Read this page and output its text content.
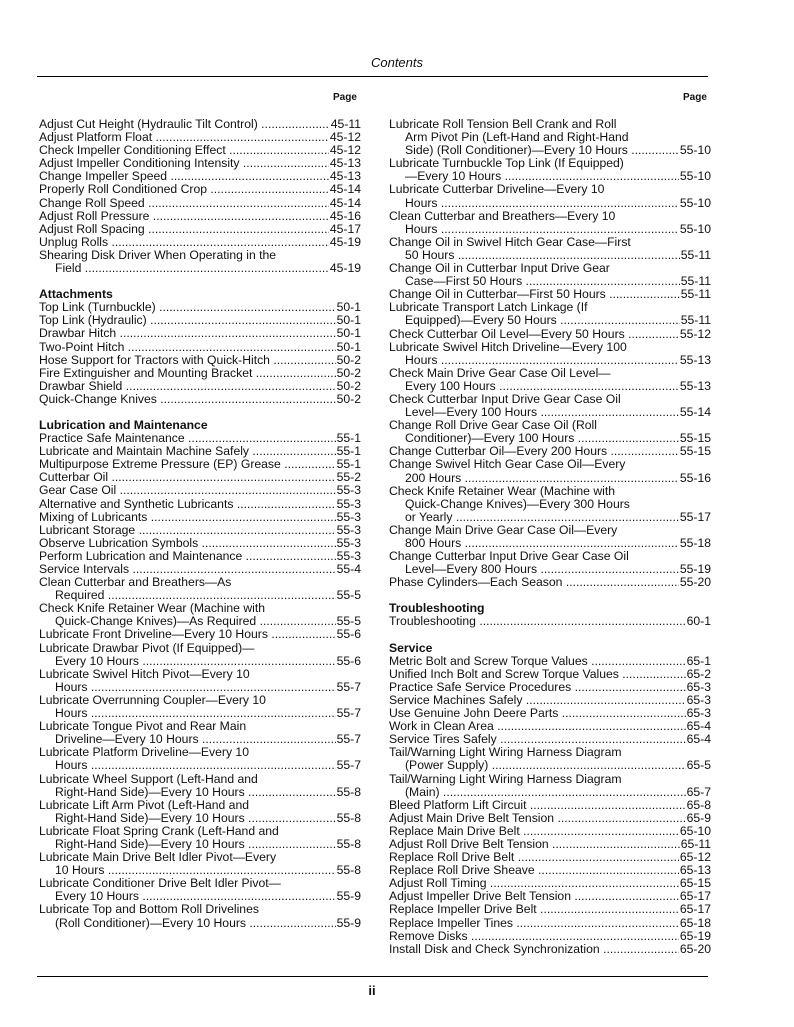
Contents
Page	Page
Adjust Cut Height (Hydraulic Tilt Control) .....	45-11
Adjust Platform Float .....	45-12
Check Impeller Conditioning Effect .....	45-12
Adjust Impeller Conditioning Intensity .....	45-13
Change Impeller Speed .....	45-13
Properly Roll Conditioned Crop .....	45-14
Change Roll Speed .....	45-14
Adjust Roll Pressure .....	45-16
Adjust Roll Spacing .....	45-17
Unplug Rolls .....	45-19
Shearing Disk Driver When Operating in the
Field .....	45-19
Attachments
Top Link (Turnbuckle) .....	50-1
Top Link (Hydraulic) .....	50-1
Drawbar Hitch .....	50-1
Two-Point Hitch .....	50-1
Hose Support for Tractors with Quick-Hitch .....	50-2
Fire Extinguisher and Mounting Bracket .....	50-2
Drawbar Shield .....	50-2
Quick-Change Knives .....	50-2
Lubrication and Maintenance
Practice Safe Maintenance .....	55-1
Lubricate and Maintain Machine Safely .....	55-1
Multipurpose Extreme Pressure (EP) Grease .....	55-1
Cutterbar Oil .....	55-2
Gear Case Oil .....	55-3
Alternative and Synthetic Lubricants .....	55-3
Mixing of Lubricants .....	55-3
Lubricant Storage .....	55-3
Observe Lubrication Symbols .....	55-3
Perform Lubrication and Maintenance .....	55-3
Service Intervals .....	55-4
Clean Cutterbar and Breathers—As
Required .....	55-5
Check Knife Retainer Wear (Machine with
Quick-Change Knives)—As Required .....	55-5
Lubricate Front Driveline—Every 10 Hours .....	55-6
Lubricate Drawbar Pivot (If Equipped)—
Every 10 Hours .....	55-6
Lubricate Swivel Hitch Pivot—Every 10
Hours .....	55-7
Lubricate Overrunning Coupler—Every 10
Hours .....	55-7
Lubricate Tongue Pivot and Rear Main
Driveline—Every 10 Hours .....	55-7
Lubricate Platform Driveline—Every 10
Hours .....	55-7
Lubricate Wheel Support (Left-Hand and
Right-Hand Side)—Every 10 Hours .....	55-8
Lubricate Lift Arm Pivot (Left-Hand and
Right-Hand Side)—Every 10 Hours .....	55-8
Lubricate Float Spring Crank (Left-Hand and
Right-Hand Side)—Every 10 Hours .....	55-8
Lubricate Main Drive Belt Idler Pivot—Every
10 Hours .....	55-8
Lubricate Conditioner Drive Belt Idler Pivot—
Every 10 Hours .....	55-9
Lubricate Top and Bottom Roll Drivelines
(Roll Conditioner)—Every 10 Hours .....	55-9
Lubricate Roll Tension Bell Crank and Roll
Arm Pivot Pin (Left-Hand and Right-Hand
Side) (Roll Conditioner)—Every 10 Hours .....	55-10
Lubricate Turnbuckle Top Link (If Equipped)
—Every 10 Hours .....	55-10
Lubricate Cutterbar Driveline—Every 10
Hours .....	55-10
Clean Cutterbar and Breathers—Every 10
Hours .....	55-10
Change Oil in Swivel Hitch Gear Case—First
50 Hours .....	55-11
Change Oil in Cutterbar Input Drive Gear
Case—First 50 Hours .....	55-11
Change Oil in Cutterbar—First 50 Hours .....	55-11
Lubricate Transport Latch Linkage (If
Equipped)—Every 50 Hours .....	55-11
Check Cutterbar Oil Level—Every 50 Hours .....	55-12
Lubricate Swivel Hitch Driveline—Every 100
Hours .....	55-13
Check Main Drive Gear Case Oil Level—
Every 100 Hours .....	55-13
Check Cutterbar Input Drive Gear Case Oil
Level—Every 100 Hours .....	55-14
Change Roll Drive Gear Case Oil (Roll
Conditioner)—Every 100 Hours .....	55-15
Change Cutterbar Oil—Every 200 Hours .....	55-15
Change Swivel Hitch Gear Case Oil—Every
200 Hours .....	55-16
Check Knife Retainer Wear (Machine with
Quick-Change Knives)—Every 300 Hours
or Yearly .....	55-17
Change Main Drive Gear Case Oil—Every
800 Hours .....	55-18
Change Cutterbar Input Drive Gear Case Oil
Level—Every 800 Hours .....	55-19
Phase Cylinders—Each Season .....	55-20
Troubleshooting
Troubleshooting .....	60-1
Service
Metric Bolt and Screw Torque Values .....	65-1
Unified Inch Bolt and Screw Torque Values .....	65-2
Practice Safe Service Procedures .....	65-3
Service Machines Safely .....	65-3
Use Genuine John Deere Parts .....	65-3
Work in Clean Area .....	65-4
Service Tires Safely .....	65-4
Tail/Warning Light Wiring Harness Diagram
(Power Supply) .....	65-5
Tail/Warning Light Wiring Harness Diagram
(Main) .....	65-7
Bleed Platform Lift Circuit .....	65-8
Adjust Main Drive Belt Tension .....	65-9
Replace Main Drive Belt .....	65-10
Adjust Roll Drive Belt Tension .....	65-11
Replace Roll Drive Belt .....	65-12
Replace Roll Drive Sheave .....	65-13
Adjust Roll Timing .....	65-15
Adjust Impeller Drive Belt Tension .....	65-17
Replace Impeller Drive Belt .....	65-17
Replace Impeller Tines .....	65-18
Remove Disks .....	65-19
Install Disk and Check Synchronization .....	65-20
ii
